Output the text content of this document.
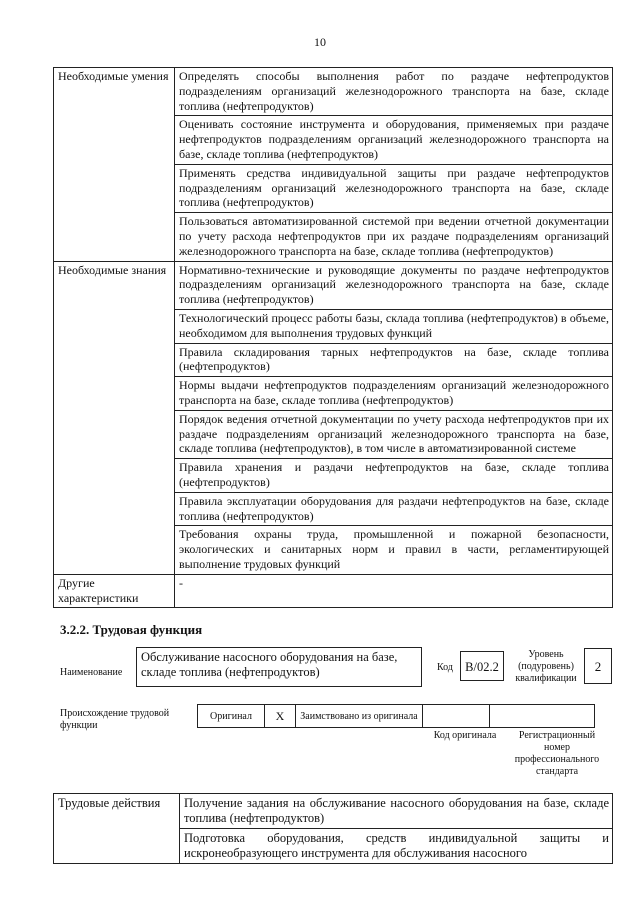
10
Необходимые умения	Определять способы выполнения работ по раздаче нефтепродуктов подразделениям организаций железнодорожного транспорта на базе, складе топлива (нефтепродуктов)
	Оценивать состояние инструмента и оборудования, применяемых при раздаче нефтепродуктов подразделениям организаций железнодорожного транспорта на базе, складе топлива (нефтепродуктов)
	Применять средства индивидуальной защиты при раздаче нефтепродуктов подразделениям организаций железнодорожного транспорта на базе, складе топлива (нефтепродуктов)
	Пользоваться автоматизированной системой при ведении отчетной документации по учету расхода нефтепродуктов при их раздаче подразделениям организаций железнодорожного транспорта на базе, складе топлива (нефтепродуктов)
Необходимые знания	Нормативно-технические и руководящие документы по раздаче нефтепродуктов подразделениям организаций железнодорожного транспорта на базе, складе топлива (нефтепродуктов)
	Технологический процесс работы базы, склада топлива (нефтепродуктов) в объеме, необходимом для выполнения трудовых функций
	Правила складирования тарных нефтепродуктов на базе, складе топлива (нефтепродуктов)
	Нормы выдачи нефтепродуктов подразделениям организаций железнодорожного транспорта на базе, складе топлива (нефтепродуктов)
	Порядок ведения отчетной документации по учету расхода нефтепродуктов при их раздаче подразделениям организаций железнодорожного транспорта на базе, складе топлива (нефтепродуктов), в том числе в автоматизированной системе
	Правила хранения и раздачи нефтепродуктов на базе, складе топлива (нефтепродуктов)
	Правила эксплуатации оборудования для раздачи нефтепродуктов на базе, складе топлива (нефтепродуктов)
	Требования охраны труда, промышленной и пожарной безопасности, экологических и санитарных норм и правил в части, регламентирующей выполнение трудовых функций
Другие характеристики	-
3.2.2. Трудовая функция
Наименование
Обслуживание насосного оборудования на базе, складе топлива (нефтепродуктов)	Код В/02.2
Уровень (подуровень) квалификации
2
Происхождение трудовой функции
Оригинал	X	Заимствовано из оригинала		
Код оригинала	Регистрационный номер профессионального стандарта
Трудовые действия	Получение задания на обслуживание насосного оборудования на базе, складе топлива (нефтепродуктов)
Подготовка оборудования, средств индивидуальной защиты и искронеобразующего инструмента для обслуживания насосного
